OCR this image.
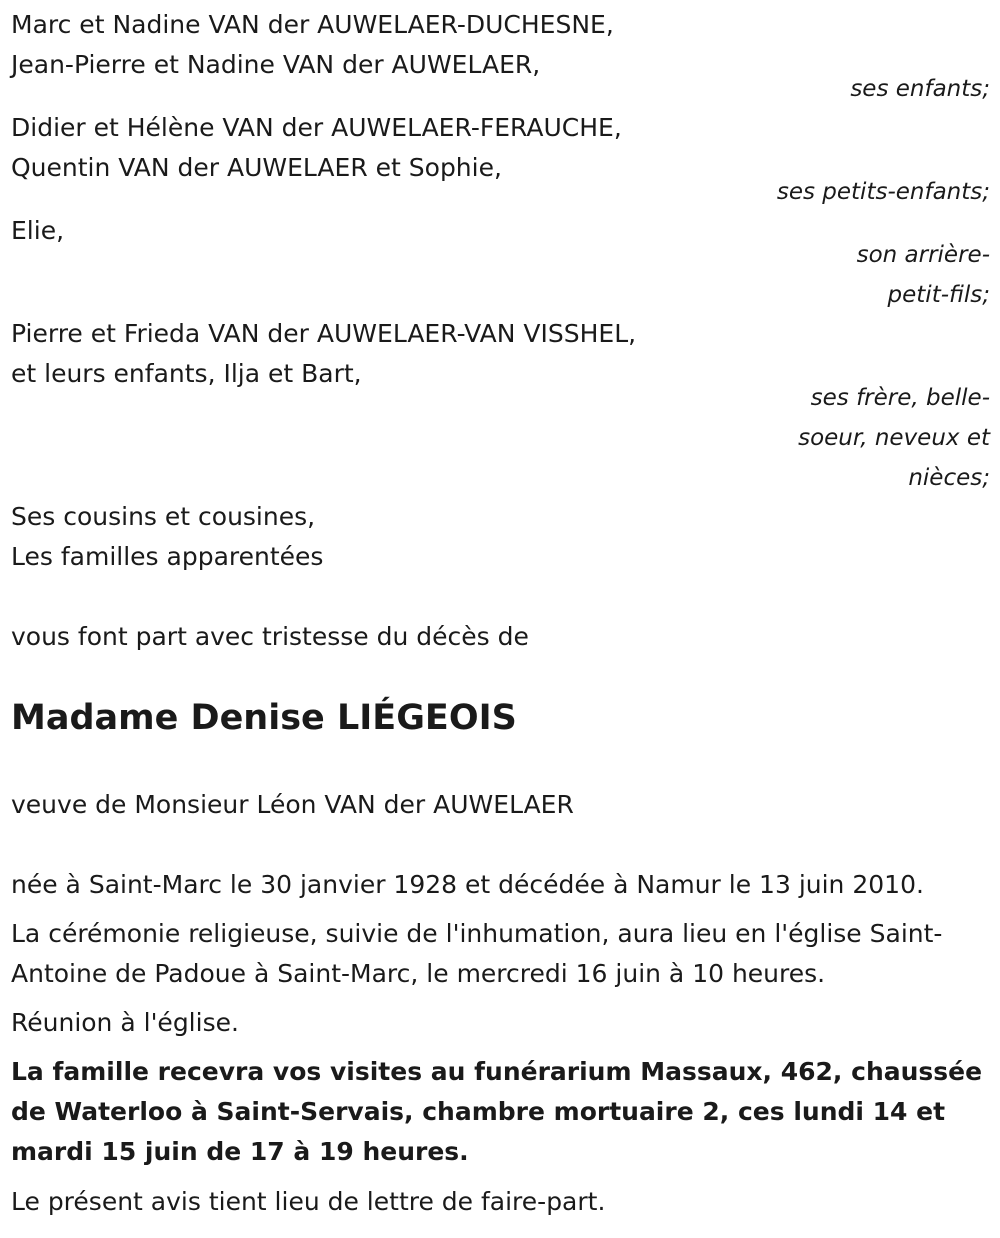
Marc et Nadine VAN der AUWELAER-DUCHESNE,

Jean-Pierre et Nadine VAN der AUWELAER,

ses enfants;

Didier et Hélène VAN der AUWELAER-FERAUCHE,

Quentin VAN der AUWELAER et Sophie,

ses petits-enfants;

Elie,

son arrière-
petit-fils;

Pierre et Frieda VAN der AUWELAER-VAN VISSHEL,

et leurs enfants, Ilja et Bart,

ses frère, belle-
soeur, neveux et
nièces;

Ses cousins et cousines,

Les familles apparentées

vous font part avec tristesse du décès de

Madame Denise LIÉGEOIS

veuve de Monsieur Léon VAN der AUWELAER

née à Saint-Marc le 30 janvier 1928 et décédée à Namur le 13 juin 2010.

La cérémonie religieuse, suivie de l'inhumation, aura lieu en l'église Saint-

Antoine de Padoue à Saint-Marc, le mercredi 16 juin à 10 heures.

Réunion à l'église.

La famille recevra vos visites au funérarium Massaux, 462, chaussée

de Waterloo à Saint-Servais, chambre mortuaire 2, ces lundi 14 et

mardi 15 juin de 17 à 19 heures.

Le présent avis tient lieu de lettre de faire-part.
